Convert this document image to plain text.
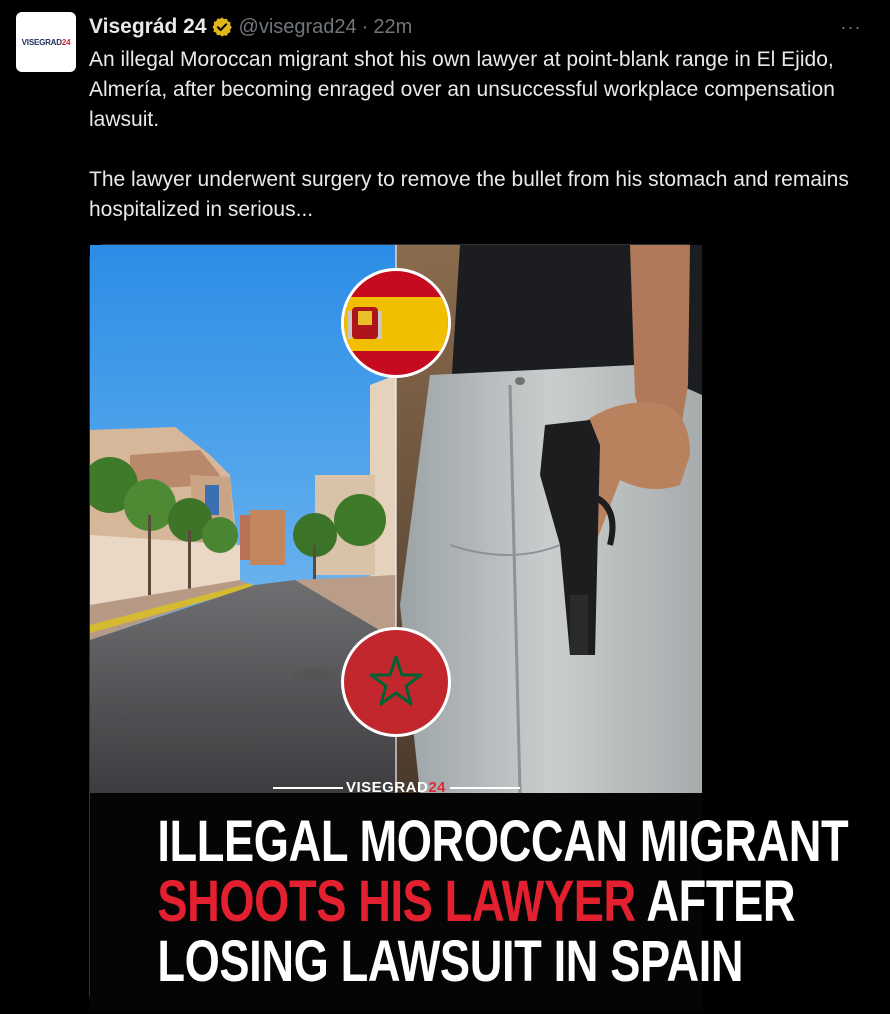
VISEGRAD24
Visegrád 24 @visegrad24 · 22m	···

An illegal Moroccan migrant shot his own lawyer at point-blank range in El Ejido, Almería, after becoming enraged over an unsuccessful workplace compensation lawsuit.

The lawyer underwent surgery to remove the bullet from his stomach and remains hospitalized in serious...

VISEGRAD24
ILLEGAL MOROCCAN MIGRANT
SHOOTS HIS LAWYER AFTER
LOSING LAWSUIT IN SPAIN
